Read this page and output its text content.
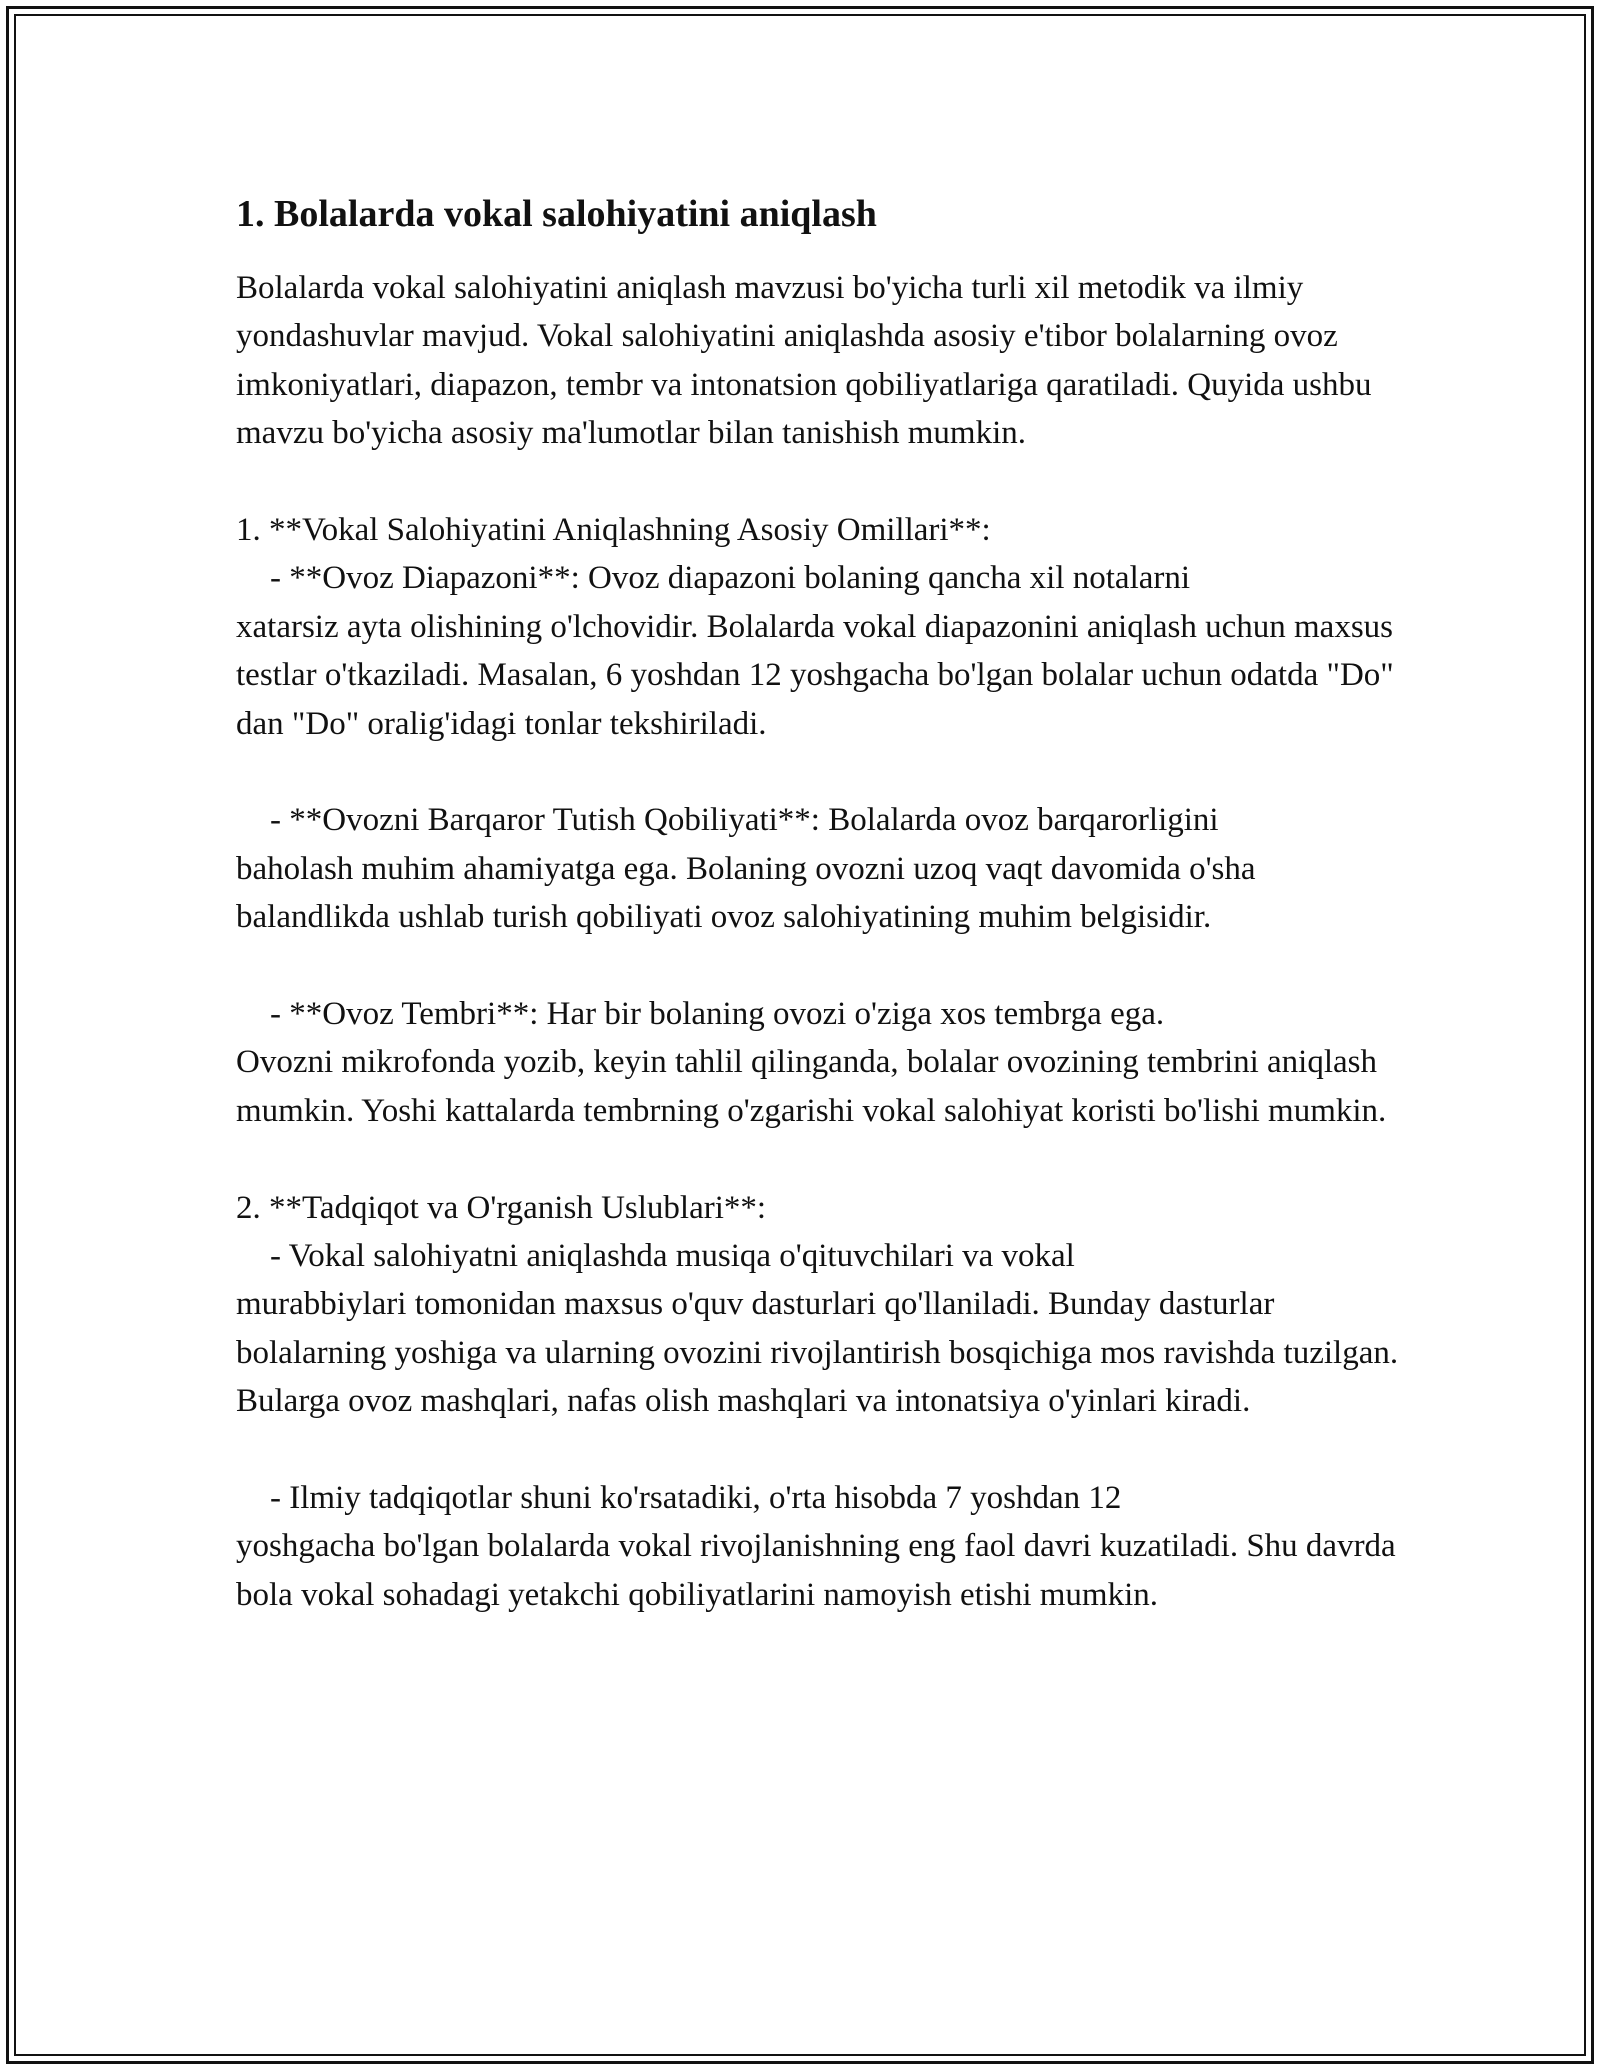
1. Bolalarda vokal salohiyatini aniqlash

Bolalarda vokal salohiyatini aniqlash mavzusi bo'yicha turli xil metodik va ilmiy yondashuvlar mavjud. Vokal salohiyatini aniqlashda asosiy e'tibor bolalarning ovoz imkoniyatlari, diapazon, tembr va intonatsion qobiliyatlariga qaratiladi. Quyida ushbu mavzu bo'yicha asosiy ma'lumotlar bilan tanishish mumkin.

1. **Vokal Salohiyatini Aniqlashning Asosiy Omillari**:

- **Ovoz Diapazoni**: Ovoz diapazoni bolaning qancha xil notalarni

xatarsiz ayta olishining o'lchovidir. Bolalarda vokal diapazonini aniqlash uchun maxsus testlar o'tkaziladi. Masalan, 6 yoshdan 12 yoshgacha bo'lgan bolalar uchun odatda "Do" dan "Do" oralig'idagi tonlar tekshiriladi.

- **Ovozni Barqaror Tutish Qobiliyati**: Bolalarda ovoz barqarorligini

baholash muhim ahamiyatga ega. Bolaning ovozni uzoq vaqt davomida o'sha balandlikda ushlab turish qobiliyati ovoz salohiyatining muhim belgisidir.

- **Ovoz Tembri**: Har bir bolaning ovozi o'ziga xos tembrga ega.

Ovozni mikrofonda yozib, keyin tahlil qilinganda, bolalar ovozining tembrini aniqlash mumkin. Yoshi kattalarda tembrning o'zgarishi vokal salohiyat koristi bo'lishi mumkin.

2. **Tadqiqot va O'rganish Uslublari**:

- Vokal salohiyatni aniqlashda musiqa o'qituvchilari va vokal

murabbiylari tomonidan maxsus o'quv dasturlari qo'llaniladi. Bunday dasturlar bolalarning yoshiga va ularning ovozini rivojlantirish bosqichiga mos ravishda tuzilgan. Bularga ovoz mashqlari, nafas olish mashqlari va intonatsiya o'yinlari kiradi.

- Ilmiy tadqiqotlar shuni ko'rsatadiki, o'rta hisobda 7 yoshdan 12

yoshgacha bo'lgan bolalarda vokal rivojlanishning eng faol davri kuzatiladi. Shu davrda bola vokal sohadagi yetakchi qobiliyatlarini namoyish etishi mumkin.
